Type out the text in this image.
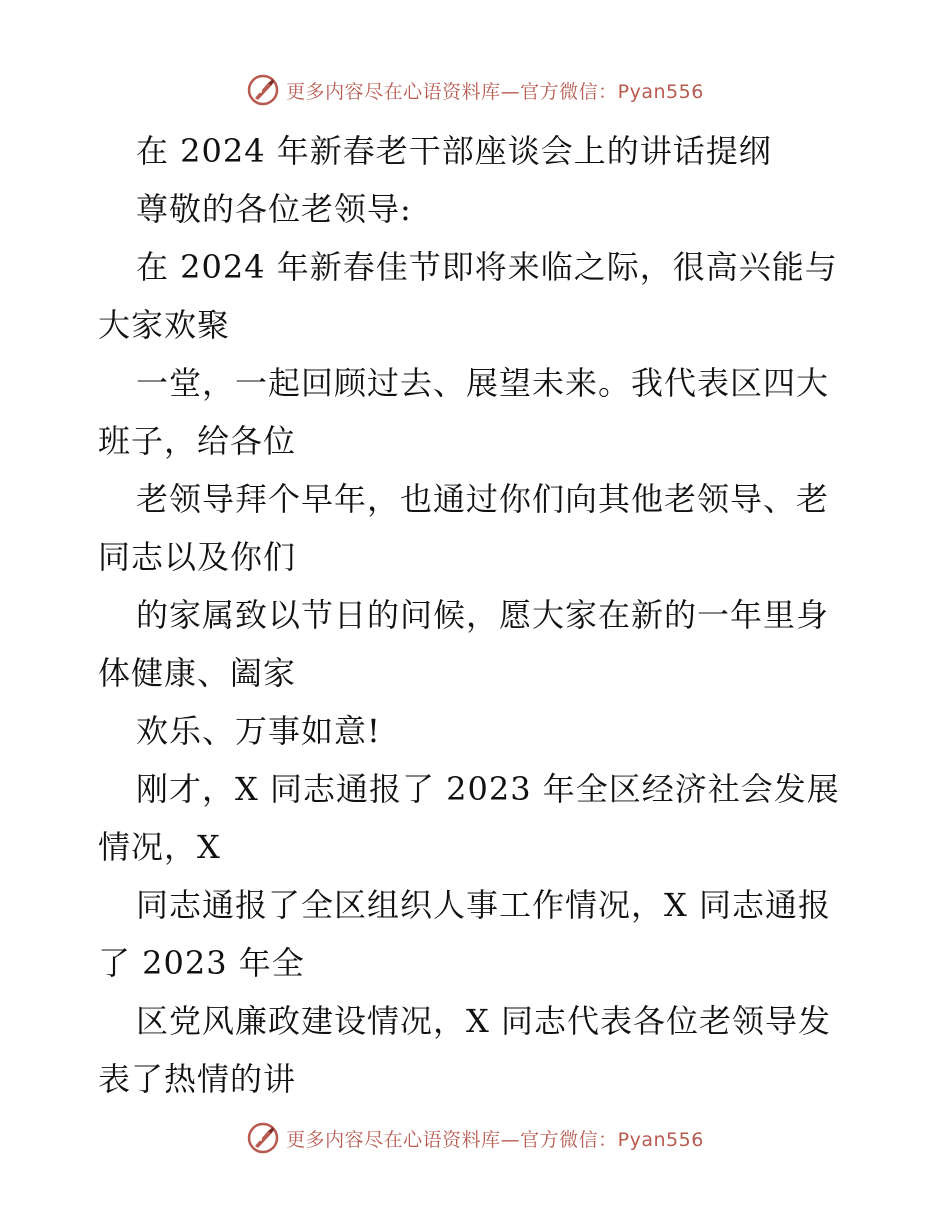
更多内容尽在心语资料库—官方微信：Pyan556
在 2024 年新春老干部座谈会上的讲话提纲
尊敬的各位老领导:
在 2024 年新春佳节即将来临之际，很高兴能与
大家欢聚
一堂，一起回顾过去、展望未来。我代表区四大
班子，给各位
老领导拜个早年，也通过你们向其他老领导、老
同志以及你们
的家属致以节日的问候，愿大家在新的一年里身
体健康、阖家
欢乐、万事如意!
刚才，X 同志通报了 2023 年全区经济社会发展
情况，X
同志通报了全区组织人事工作情况，X 同志通报
了 2023 年全
区党风廉政建设情况，X 同志代表各位老领导发
表了热情的讲
更多内容尽在心语资料库—官方微信：Pyan556
